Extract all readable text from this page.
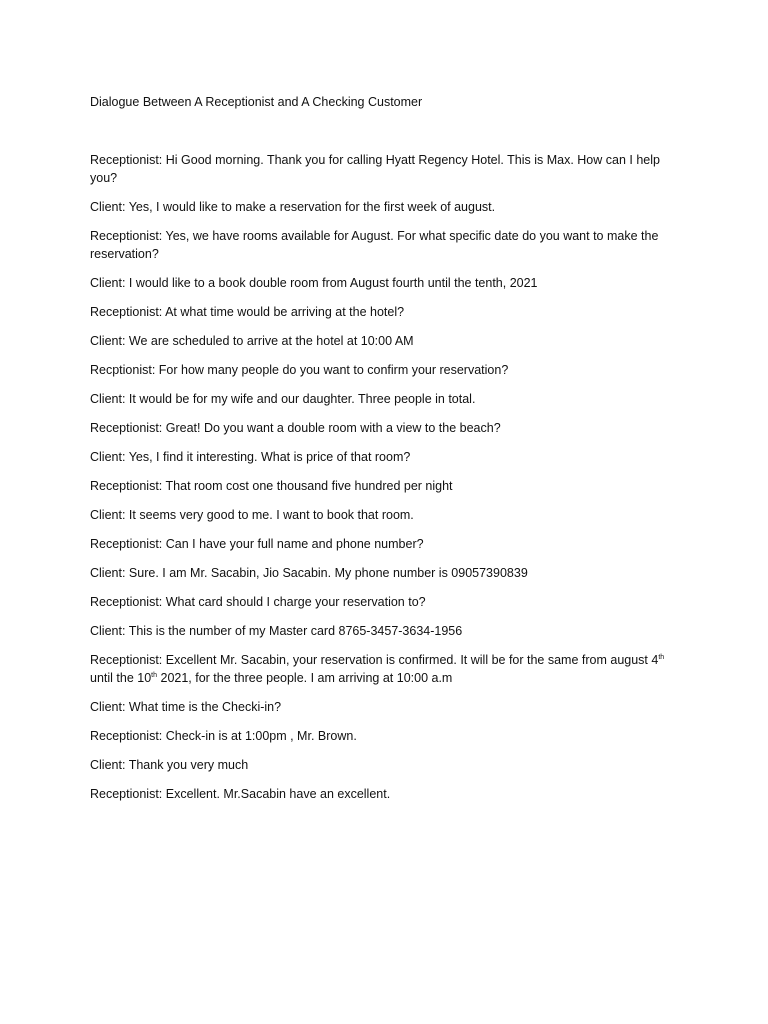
Dialogue Between A Receptionist and A Checking Customer
Receptionist : Hi Good morning. Thank you for calling Hyatt Regency Hotel. This is Max. How can I help you?
Client : Yes, I would like to make a reservation for the first week of august.
Receptionist : Yes, we have rooms available for August. For what specific date do you want to make the reservation?
Client : I would like to a book double room from August fourth until the tenth, 2021
Receptionist : At what time would be arriving at the hotel?
Client : We are scheduled to arrive at the hotel at 10:00 AM
Recptionist : For how many people do you want to confirm your reservation?
Client : It would be for my wife and our daughter. Three people in total.
Receptionist : Great! Do you want a double room with a view to the beach?
Client : Yes, I find it interesting. What is price of that room?
Receptionist : That room cost one thousand five hundred per night
Client : It seems very good to me. I want to book that room.
Receptionist : Can I have your full name and phone number?
Client : Sure. I am Mr. Sacabin, Jio Sacabin. My phone number is 09057390839
Receptionist : What card should I charge your reservation to?
Client : This is the number of my Master card 8765-3457-3634-1956
Receptionist : Excellent Mr. Sacabin, your reservation is confirmed. It will be for the same from august 4th until the 10th 2021, for the three people. I am arriving at 10:00 a.m
Client : What time is the Checki-in?
Receptionist : Check-in is at 1:00pm , Mr. Brown.
Client : Thank you very much
Receptionist : Excellent. Mr.Sacabin have an excellent.
